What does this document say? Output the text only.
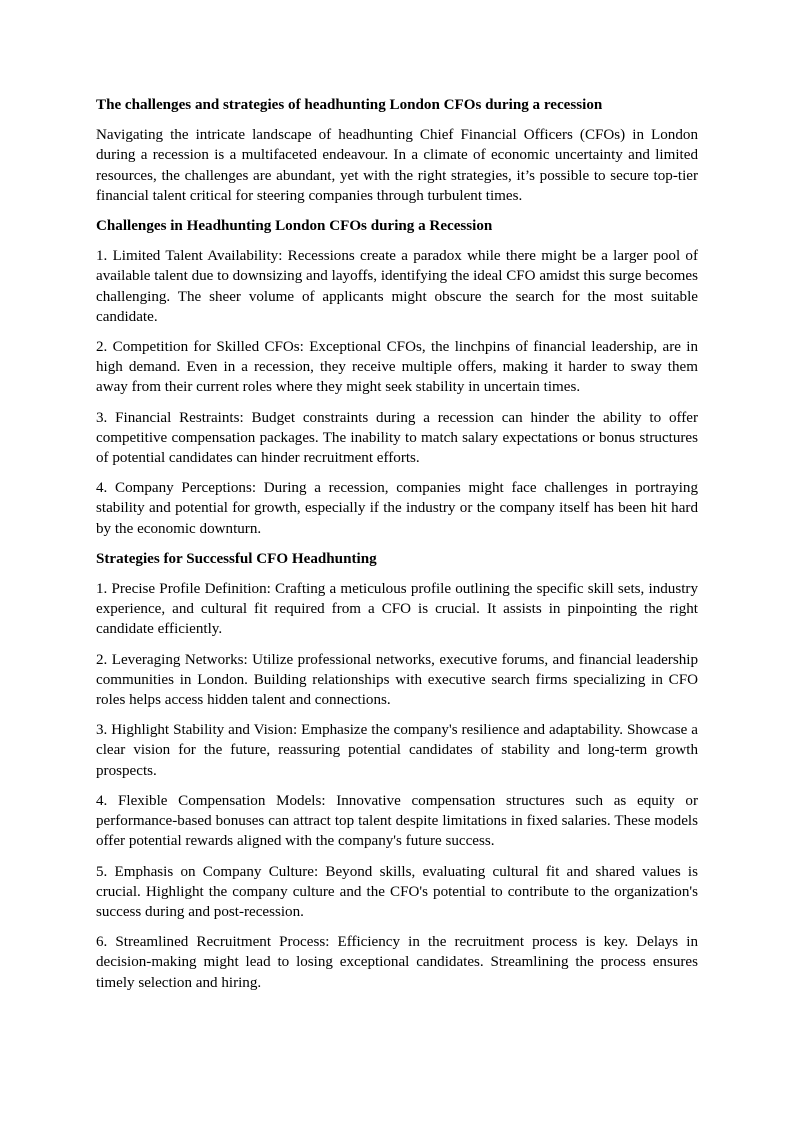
The challenges and strategies of headhunting London CFOs during a recession

Navigating the intricate landscape of headhunting Chief Financial Officers (CFOs) in London during a recession is a multifaceted endeavour. In a climate of economic uncertainty and limited resources, the challenges are abundant, yet with the right strategies, it’s possible to secure top-tier financial talent critical for steering companies through turbulent times.

Challenges in Headhunting London CFOs during a Recession

1. Limited Talent Availability: Recessions create a paradox while there might be a larger pool of available talent due to downsizing and layoffs, identifying the ideal CFO amidst this surge becomes challenging. The sheer volume of applicants might obscure the search for the most suitable candidate.

2. Competition for Skilled CFOs: Exceptional CFOs, the linchpins of financial leadership, are in high demand. Even in a recession, they receive multiple offers, making it harder to sway them away from their current roles where they might seek stability in uncertain times.

3. Financial Restraints: Budget constraints during a recession can hinder the ability to offer competitive compensation packages. The inability to match salary expectations or bonus structures of potential candidates can hinder recruitment efforts.

4. Company Perceptions: During a recession, companies might face challenges in portraying stability and potential for growth, especially if the industry or the company itself has been hit hard by the economic downturn.

Strategies for Successful CFO Headhunting

1. Precise Profile Definition: Crafting a meticulous profile outlining the specific skill sets, industry experience, and cultural fit required from a CFO is crucial. It assists in pinpointing the right candidate efficiently.

2. Leveraging Networks: Utilize professional networks, executive forums, and financial leadership communities in London. Building relationships with executive search firms specializing in CFO roles helps access hidden talent and connections.

3. Highlight Stability and Vision: Emphasize the company's resilience and adaptability. Showcase a clear vision for the future, reassuring potential candidates of stability and long-term growth prospects.

4. Flexible Compensation Models: Innovative compensation structures such as equity or performance-based bonuses can attract top talent despite limitations in fixed salaries. These models offer potential rewards aligned with the company's future success.

5. Emphasis on Company Culture: Beyond skills, evaluating cultural fit and shared values is crucial. Highlight the company culture and the CFO's potential to contribute to the organization's success during and post-recession.

6. Streamlined Recruitment Process: Efficiency in the recruitment process is key. Delays in decision-making might lead to losing exceptional candidates. Streamlining the process ensures timely selection and hiring.
